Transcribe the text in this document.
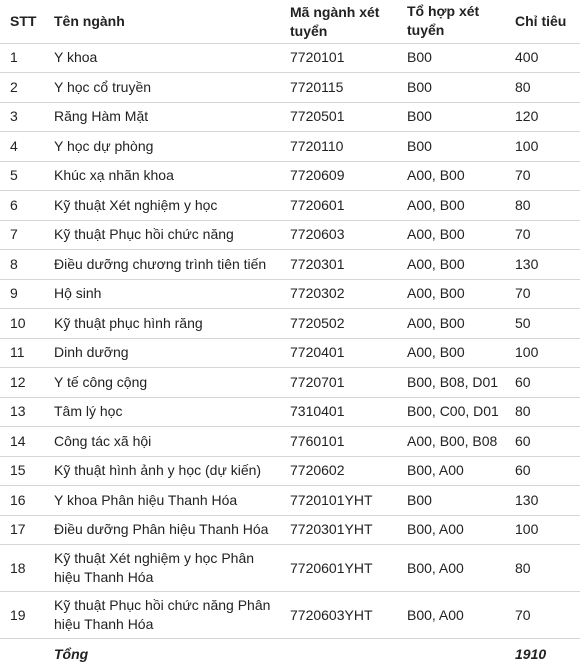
STT	Tên ngành	Mã ngành xét tuyển	Tổ hợp xét tuyển	Chỉ tiêu
1	Y khoa	7720101	B00	400
2	Y học cổ truyền	7720115	B00	80
3	Răng Hàm Mặt	7720501	B00	120
4	Y học dự phòng	7720110	B00	100
5	Khúc xạ nhãn khoa	7720609	A00, B00	70
6	Kỹ thuật Xét nghiệm y học	7720601	A00, B00	80
7	Kỹ thuật Phục hồi chức năng	7720603	A00, B00	70
8	Điều dưỡng chương trình tiên tiến	7720301	A00, B00	130
9	Hộ sinh	7720302	A00, B00	70
10	Kỹ thuật phục hình răng	7720502	A00, B00	50
11	Dinh dưỡng	7720401	A00, B00	100
12	Y tế công cộng	7720701	B00, B08, D01	60
13	Tâm lý học	7310401	B00, C00, D01	80
14	Công tác xã hội	7760101	A00, B00, B08	60
15	Kỹ thuật hình ảnh y học (dự kiến)	7720602	B00, A00	60
16	Y khoa Phân hiệu Thanh Hóa	7720101YHT	B00	130
17	Điều dưỡng Phân hiệu Thanh Hóa	7720301YHT	B00, A00	100
18	Kỹ thuật Xét nghiệm y học Phân hiệu Thanh Hóa	7720601YHT	B00, A00	80
19	Kỹ thuật Phục hồi chức năng Phân hiệu Thanh Hóa	7720603YHT	B00, A00	70
	Tổng			1910
